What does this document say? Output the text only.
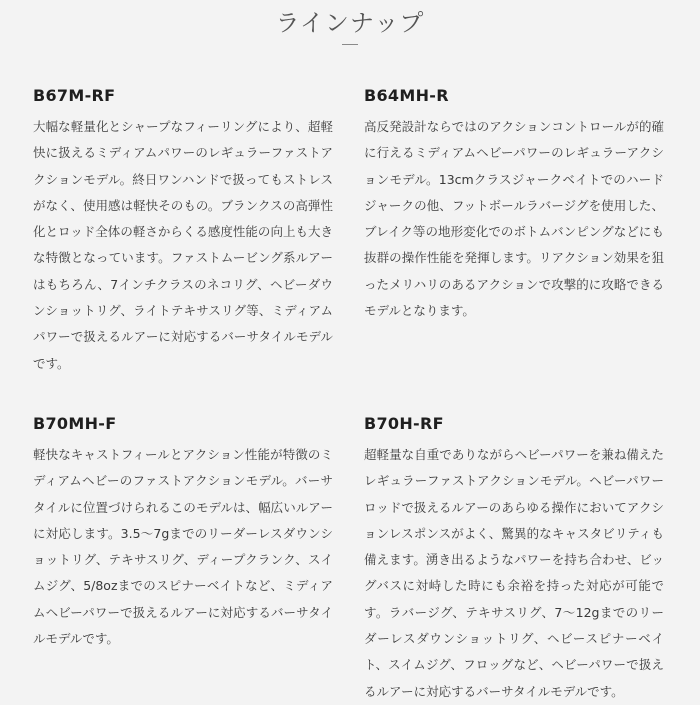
ラインナップ
B67M-RF

大幅な軽量化とシャープなフィーリングにより、超軽快に扱えるミディアムパワーのレギュラーファストアクションモデル。終日ワンハンドで扱ってもストレスがなく、使用感は軽快そのもの。ブランクスの高弾性化とロッド全体の軽さからくる感度性能の向上も大きな特徴となっています。ファストムービング系ルアーはもちろん、7インチクラスのネコリグ、ヘビーダウンショットリグ、ライトテキサスリグ等、ミディアムパワーで扱えるルアーに対応するバーサタイルモデルです。

B64MH-R

高反発設計ならではのアクションコントロールが的確に行えるミディアムヘビーパワーのレギュラーアクションモデル。13cmクラスジャークベイトでのハードジャークの他、フットボールラバージグを使用した、ブレイク等の地形変化でのボトムバンピングなどにも抜群の操作性能を発揮します。リアクション効果を狙ったメリハリのあるアクションで攻撃的に攻略できるモデルとなります。

B70MH-F

軽快なキャストフィールとアクション性能が特徴のミディアムヘビーのファストアクションモデル。バーサタイルに位置づけられるこのモデルは、幅広いルアーに対応します。3.5〜7gまでのリーダーレスダウンショットリグ、テキサスリグ、ディープクランク、スイムジグ、5/8ozまでのスピナーベイトなど、ミディアムヘビーパワーで扱えるルアーに対応するバーサタイルモデルです。

B70H-RF

超軽量な自重でありながらヘビーパワーを兼ね備えたレギュラーファストアクションモデル。ヘビーパワーロッドで扱えるルアーのあらゆる操作においてアクションレスポンスがよく、驚異的なキャスタビリティも備えます。湧き出るようなパワーを持ち合わせ、ビッグバスに対峙した時にも余裕を持った対応が可能です。ラバージグ、テキサスリグ、7〜12gまでのリーダーレスダウンショットリグ、ヘビースピナーベイト、スイムジグ、フロッグなど、ヘビーパワーで扱えるルアーに対応するバーサタイルモデルです。
